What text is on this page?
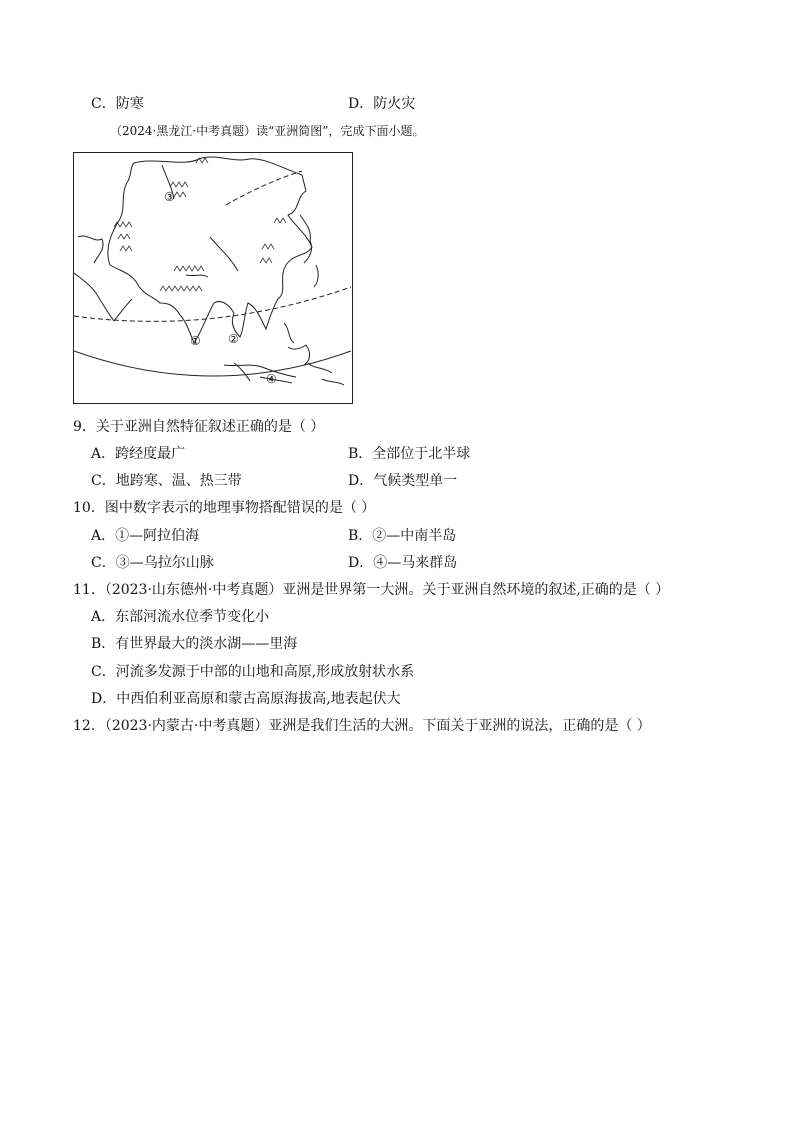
C．防寒	D．防火灾
（2024·黑龙江·中考真题）读“亚洲简图”，完成下面小题。
③
① ②
④
9．关于亚洲自然特征叙述正确的是（ ）
A．跨经度最广	B．全部位于北半球
C．地跨寒、温、热三带	D．气候类型单一
10．图中数字表示的地理事物搭配错误的是（ ）
A．①—阿拉伯海	B．②—中南半岛
C．③—乌拉尔山脉	D．④—马来群岛
11．（2023·山东德州·中考真题）亚洲是世界第一大洲。关于亚洲自然环境的叙述,正确的是（ ）
A．东部河流水位季节变化小
B．有世界最大的淡水湖——里海
C．河流多发源于中部的山地和高原,形成放射状水系
D．中西伯利亚高原和蒙古高原海拔高,地表起伏大
12．（2023·内蒙古·中考真题）亚洲是我们生活的大洲。下面关于亚洲的说法，正确的是（ ）
